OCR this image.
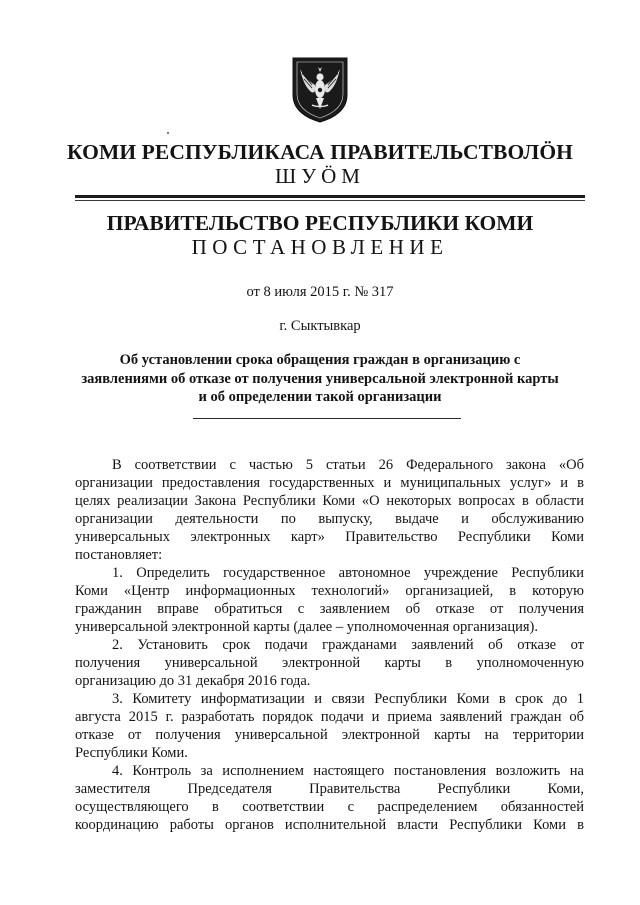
КОМИ РЕСПУБЛИКАСА ПРАВИТЕЛЬСТВОЛÖН
ШУÖМ
ПРАВИТЕЛЬСТВО РЕСПУБЛИКИ КОМИ
ПОСТАНОВЛЕНИЕ
от 8 июля 2015 г. № 317
г. Сыктывкар
Об установлении срока обращения граждан в организацию с
заявлениями об отказе от получения универсальной электронной карты
и об определении такой организации
В соответствии с частью 5 статьи 26 Федерального закона «Об
организации предоставления государственных и муниципальных услуг» и в
целях реализации Закона Республики Коми «О некоторых вопросах в области
организации деятельности по выпуску, выдаче и обслуживанию
универсальных электронных карт» Правительство Республики Коми
постановляет:
1. Определить государственное автономное учреждение Республики
Коми «Центр информационных технологий» организацией, в которую
гражданин вправе обратиться с заявлением об отказе от получения
универсальной электронной карты (далее – уполномоченная организация).
2. Установить срок подачи гражданами заявлений об отказе от
получения универсальной электронной карты в уполномоченную
организацию до 31 декабря 2016 года.
3. Комитету информатизации и связи Республики Коми в срок до 1
августа 2015 г. разработать порядок подачи и приема заявлений граждан об
отказе от получения универсальной электронной карты на территории
Республики Коми.
4. Контроль за исполнением настоящего постановления возложить на
заместителя Председателя Правительства Республики Коми,
осуществляющего в соответствии с распределением обязанностей
координацию работы органов исполнительной власти Республики Коми в
